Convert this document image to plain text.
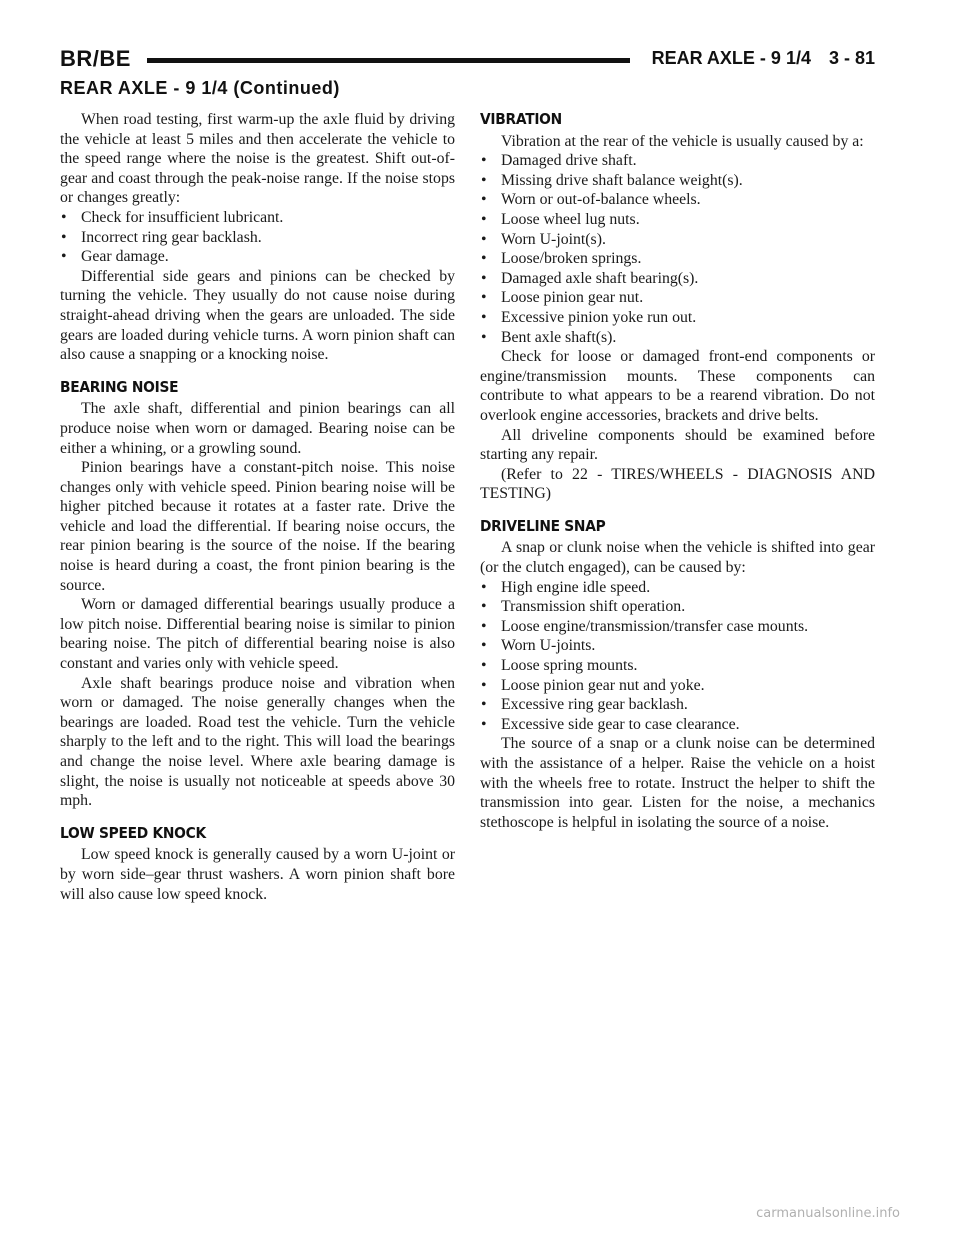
BR/BE	REAR AXLE - 9 1/4 3 - 81
REAR AXLE - 9 1/4 (Continued)

When road testing, first warm-up the axle fluid by driving the vehicle at least 5 miles and then accelerate the vehicle to the speed range where the noise is the greatest. Shift out-of-gear and coast through the peak-noise range. If the noise stops or changes greatly:

• Check for insufficient lubricant.
• Incorrect ring gear backlash.
• Gear damage.

Differential side gears and pinions can be checked by turning the vehicle. They usually do not cause noise during straight-ahead driving when the gears are unloaded. The side gears are loaded during vehicle turns. A worn pinion shaft can also cause a snapping or a knocking noise.

BEARING NOISE

The axle shaft, differential and pinion bearings can all produce noise when worn or damaged. Bearing noise can be either a whining, or a growling sound.

Pinion bearings have a constant-pitch noise. This noise changes only with vehicle speed. Pinion bearing noise will be higher pitched because it rotates at a faster rate. Drive the vehicle and load the differential. If bearing noise occurs, the rear pinion bearing is the source of the noise. If the bearing noise is heard during a coast, the front pinion bearing is the source.

Worn or damaged differential bearings usually produce a low pitch noise. Differential bearing noise is similar to pinion bearing noise. The pitch of differential bearing noise is also constant and varies only with vehicle speed.

Axle shaft bearings produce noise and vibration when worn or damaged. The noise generally changes when the bearings are loaded. Road test the vehicle. Turn the vehicle sharply to the left and to the right. This will load the bearings and change the noise level. Where axle bearing damage is slight, the noise is usually not noticeable at speeds above 30 mph.

LOW SPEED KNOCK

Low speed knock is generally caused by a worn U-joint or by worn side–gear thrust washers. A worn pinion shaft bore will also cause low speed knock.

VIBRATION

Vibration at the rear of the vehicle is usually caused by a:

• Damaged drive shaft.
• Missing drive shaft balance weight(s).
• Worn or out-of-balance wheels.
• Loose wheel lug nuts.
• Worn U-joint(s).
• Loose/broken springs.
• Damaged axle shaft bearing(s).
• Loose pinion gear nut.
• Excessive pinion yoke run out.
• Bent axle shaft(s).

Check for loose or damaged front-end components or engine/transmission mounts. These components can contribute to what appears to be a rearend vibration. Do not overlook engine accessories, brackets and drive belts.

All driveline components should be examined before starting any repair.

(Refer to 22 - TIRES/WHEELS - DIAGNOSIS AND TESTING)

DRIVELINE SNAP

A snap or clunk noise when the vehicle is shifted into gear (or the clutch engaged), can be caused by:

• High engine idle speed.
• Transmission shift operation.
• Loose engine/transmission/transfer case mounts.
• Worn U-joints.
• Loose spring mounts.
• Loose pinion gear nut and yoke.
• Excessive ring gear backlash.
• Excessive side gear to case clearance.

The source of a snap or a clunk noise can be determined with the assistance of a helper. Raise the vehicle on a hoist with the wheels free to rotate. Instruct the helper to shift the transmission into gear. Listen for the noise, a mechanics stethoscope is helpful in isolating the source of a noise.

carmanualsonline.info
